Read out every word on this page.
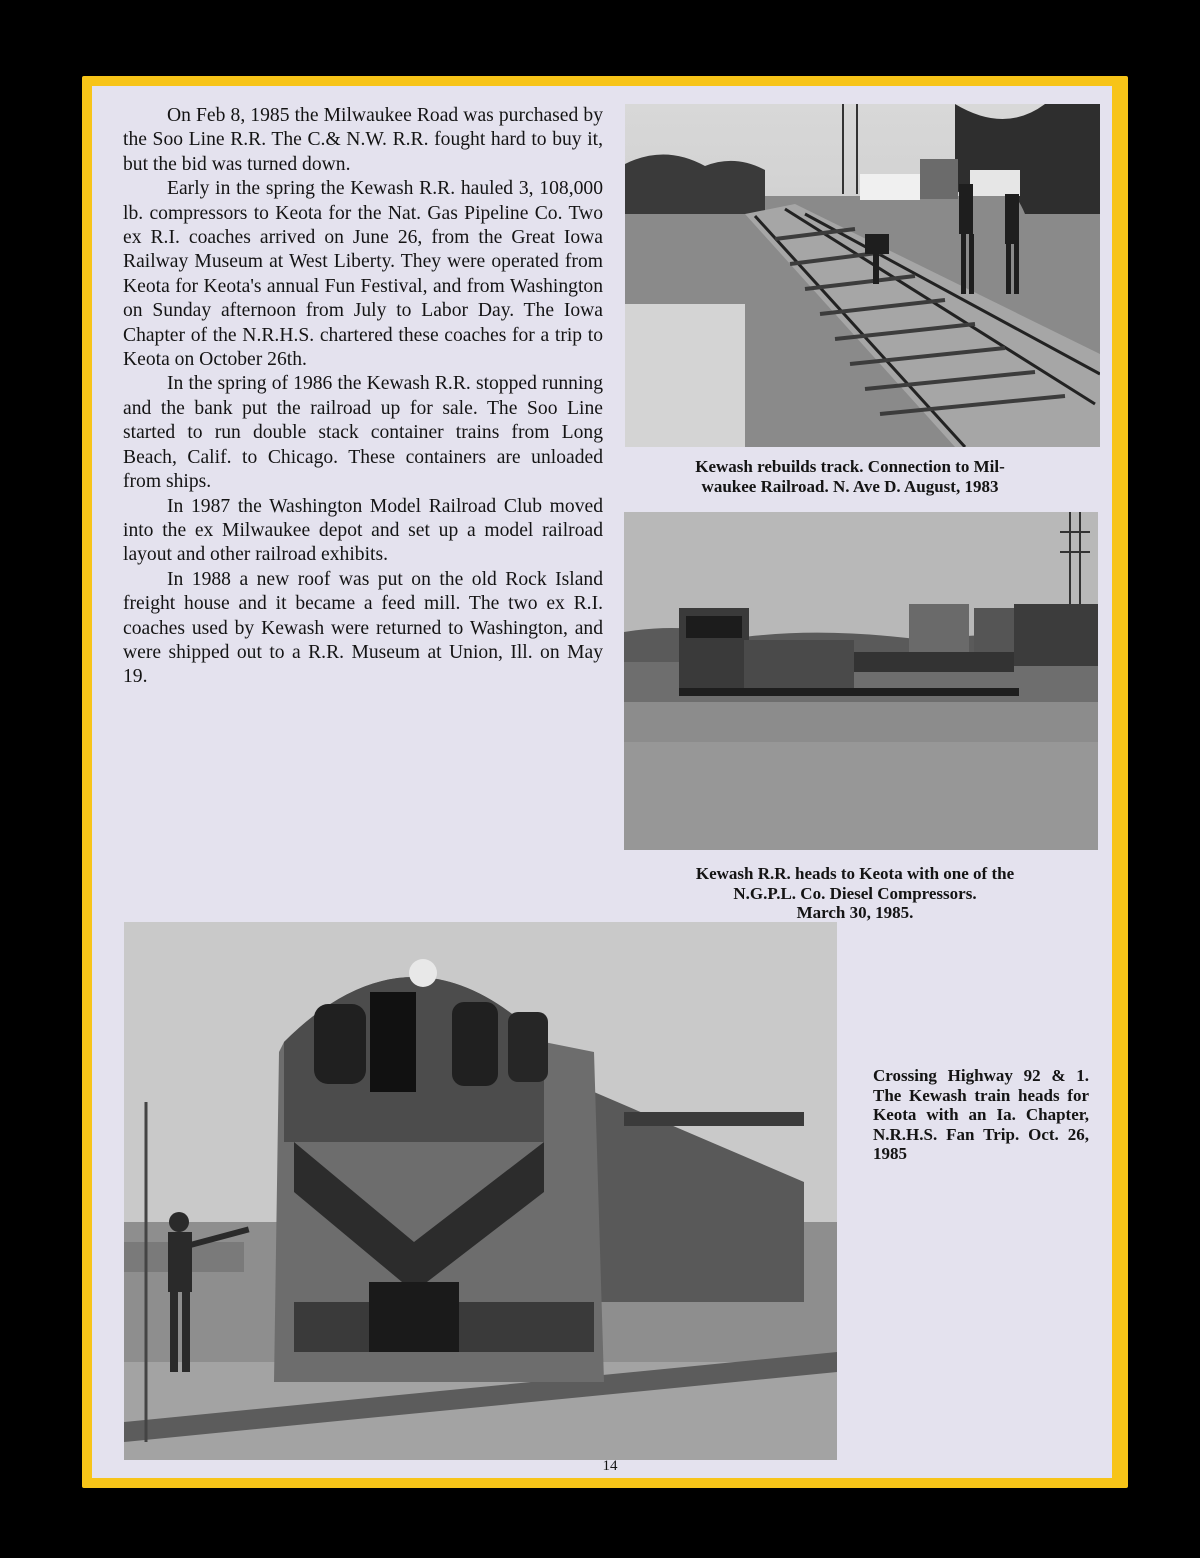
On Feb 8, 1985 the Milwaukee Road was purchased by the Soo Line R.R. The C.& N.W. R.R. fought hard to buy it, but the bid was turned down.

Early in the spring the Kewash R.R. hauled 3, 108,000 lb. compressors to Keota for the Nat. Gas Pipeline Co. Two ex R.I. coaches arrived on June 26, from the Great Iowa Railway Museum at West Liberty. They were operated from Keota for Keota's annual Fun Festival, and from Washington on Sunday afternoon from July to Labor Day. The Iowa Chapter of the N.R.H.S. chartered these coaches for a trip to Keota on October 26th.

In the spring of 1986 the Kewash R.R. stopped running and the bank put the railroad up for sale. The Soo Line started to run double stack container trains from Long Beach, Calif. to Chicago. These containers are unloaded from ships.

In 1987 the Washington Model Railroad Club moved into the ex Milwaukee depot and set up a model railroad layout and other railroad exhibits.

In 1988 a new roof was put on the old Rock Island freight house and it became a feed mill. The two ex R.I. coaches used by Kewash were returned to Washington, and were shipped out to a R.R. Museum at Union, Ill. on May 19.

Kewash rebuilds track. Connection to Mil-
waukee Railroad. N. Ave D. August, 1983
Kewash R.R. heads to Keota with one of the
N.G.P.L. Co. Diesel Compressors.
March 30, 1985.
Crossing Highway 92 & 1. The Kewash train heads for Keota with an Ia. Chapter, N.R.H.S. Fan Trip. Oct. 26, 1985
14
